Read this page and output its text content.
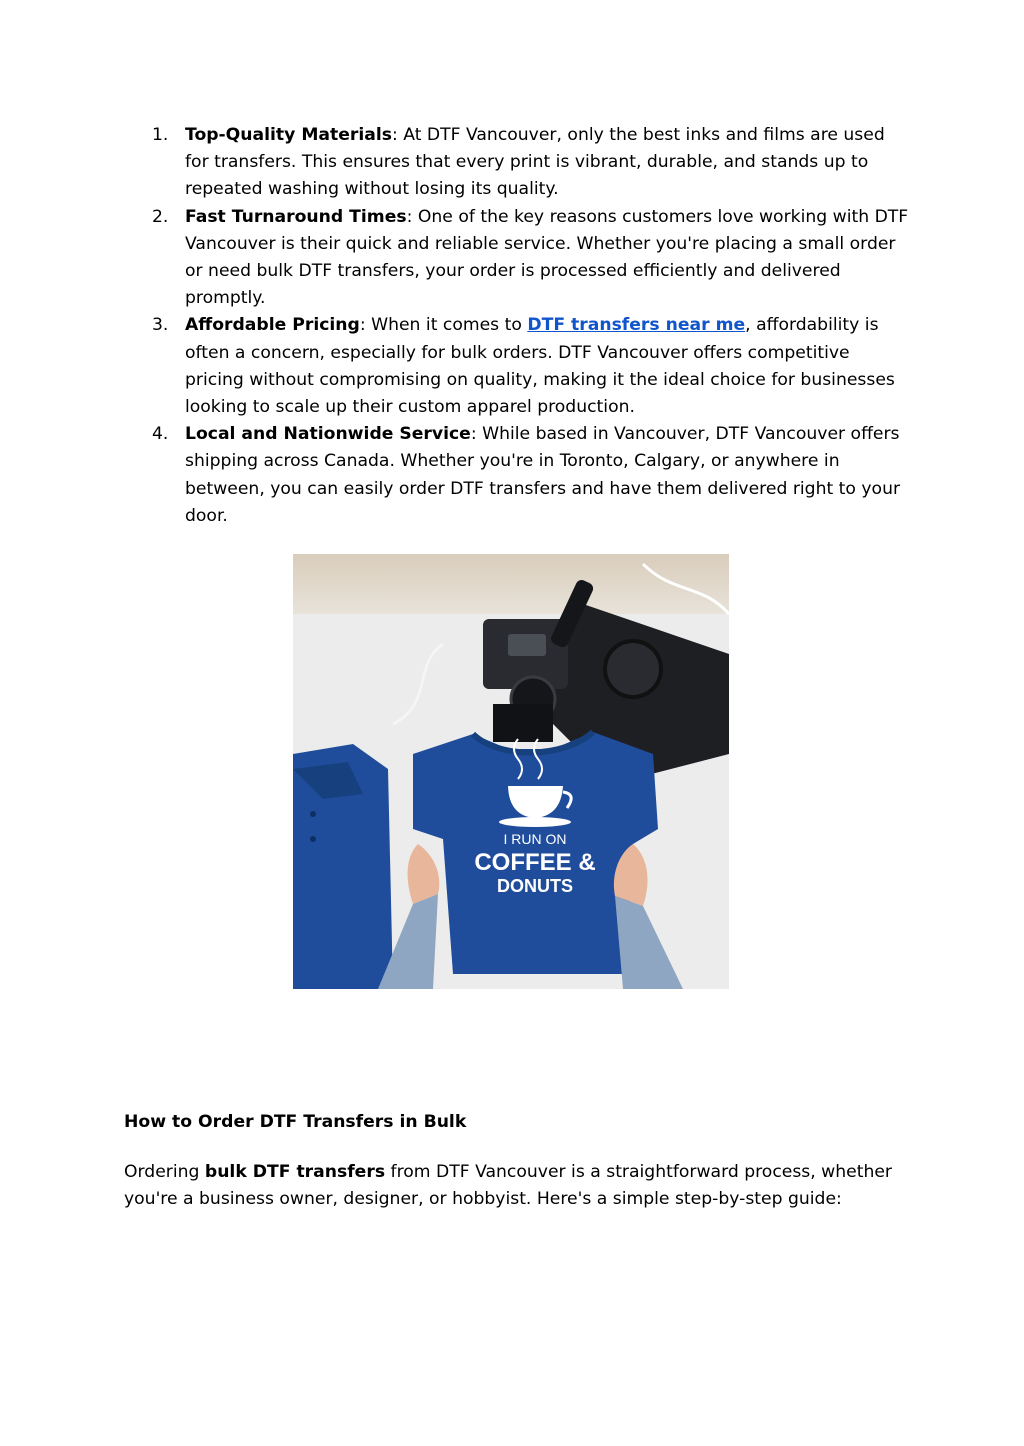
1. Top-Quality Materials: At DTF Vancouver, only the best inks and films are used for transfers. This ensures that every print is vibrant, durable, and stands up to repeated washing without losing its quality.
2. Fast Turnaround Times: One of the key reasons customers love working with DTF Vancouver is their quick and reliable service. Whether you're placing a small order or need bulk DTF transfers, your order is processed efficiently and delivered promptly.
3. Affordable Pricing: When it comes to DTF transfers near me, affordability is often a concern, especially for bulk orders. DTF Vancouver offers competitive pricing without compromising on quality, making it the ideal choice for businesses looking to scale up their custom apparel production.
4. Local and Nationwide Service: While based in Vancouver, DTF Vancouver offers shipping across Canada. Whether you're in Toronto, Calgary, or anywhere in between, you can easily order DTF transfers and have them delivered right to your door.
I RUN ON
COFFEE &
DONUTS
How to Order DTF Transfers in Bulk

Ordering bulk DTF transfers from DTF Vancouver is a straightforward process, whether you're a business owner, designer, or hobbyist. Here's a simple step-by-step guide:
